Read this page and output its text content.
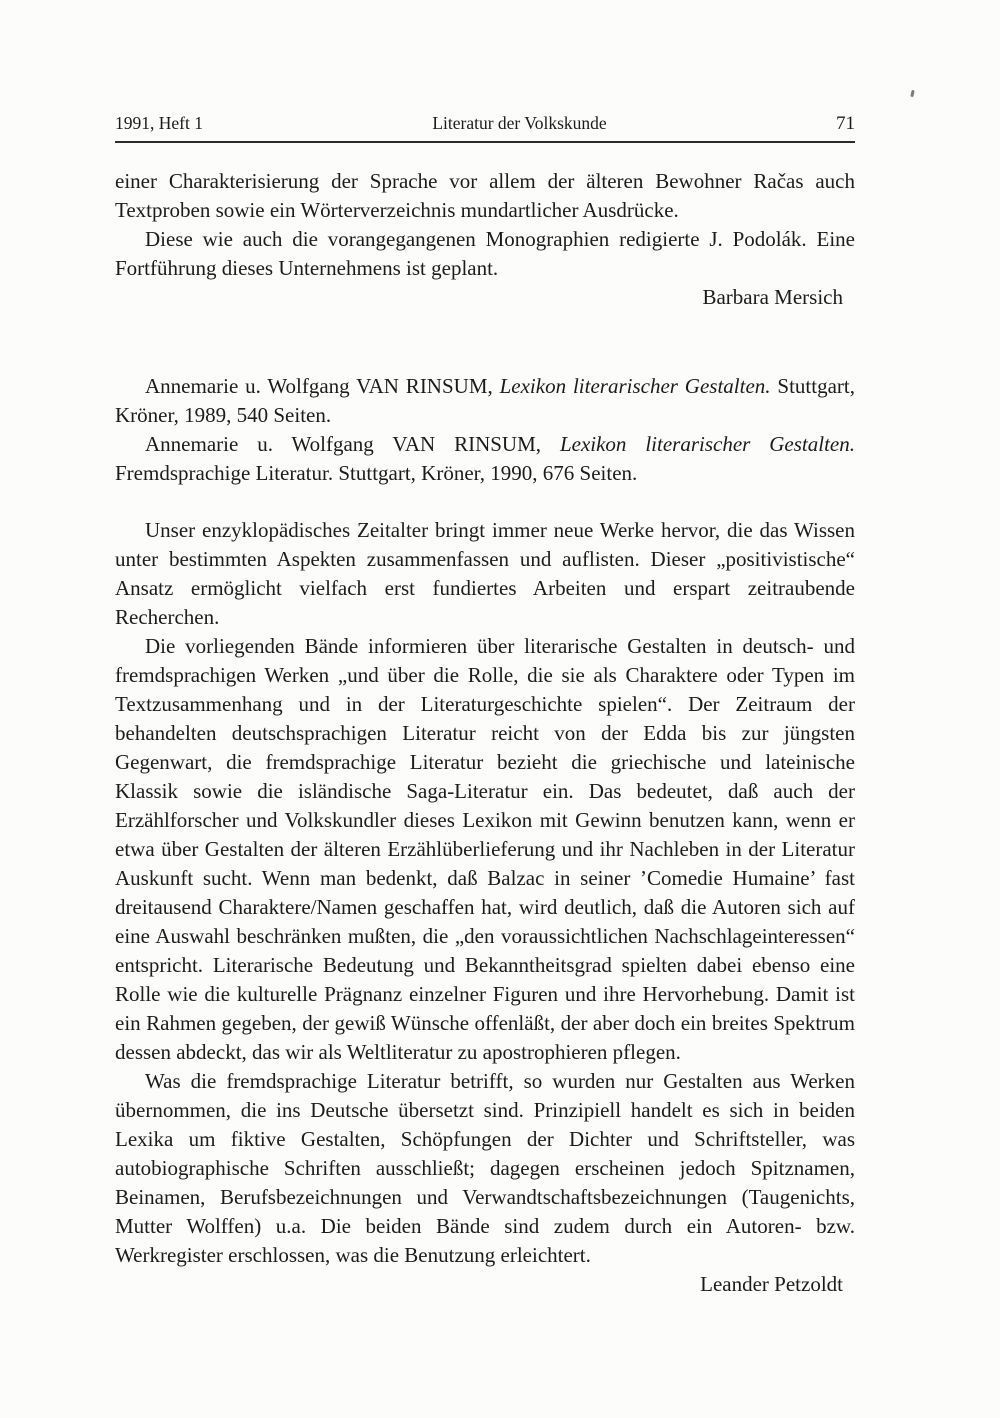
1991, Heft 1	Literatur der Volkskunde	71

einer Charakterisierung der Sprache vor allem der älteren Bewohner Račas auch Textproben sowie ein Wörterverzeichnis mundartlicher Ausdrücke.

Diese wie auch die vorangegangenen Monographien redigierte J. Podolák. Eine Fortführung dieses Unternehmens ist geplant.

Barbara Mersich

Annemarie u. Wolfgang VAN RINSUM, Lexikon literarischer Gestalten. Stuttgart, Kröner, 1989, 540 Seiten.

Annemarie u. Wolfgang VAN RINSUM, Lexikon literarischer Gestalten. Fremdsprachige Literatur. Stuttgart, Kröner, 1990, 676 Seiten.

Unser enzyklopädisches Zeitalter bringt immer neue Werke hervor, die das Wissen unter bestimmten Aspekten zusammenfassen und auflisten. Dieser „positivistische“ Ansatz ermöglicht vielfach erst fundiertes Arbeiten und erspart zeitraubende Recherchen.

Die vorliegenden Bände informieren über literarische Gestalten in deutsch- und fremdsprachigen Werken „und über die Rolle, die sie als Charaktere oder Typen im Textzusammenhang und in der Literaturgeschichte spielen“. Der Zeitraum der behandelten deutschsprachigen Literatur reicht von der Edda bis zur jüngsten Gegenwart, die fremdsprachige Literatur bezieht die griechische und lateinische Klassik sowie die isländische Saga-Literatur ein. Das bedeutet, daß auch der Erzählforscher und Volkskundler dieses Lexikon mit Gewinn benutzen kann, wenn er etwa über Gestalten der älteren Erzählüberlieferung und ihr Nachleben in der Literatur Auskunft sucht. Wenn man bedenkt, daß Balzac in seiner ’Comedie Humaine’ fast dreitausend Charaktere/Namen geschaffen hat, wird deutlich, daß die Autoren sich auf eine Auswahl beschränken mußten, die „den voraussichtlichen Nachschlageinteressen“ entspricht. Literarische Bedeutung und Bekanntheitsgrad spielten dabei ebenso eine Rolle wie die kulturelle Prägnanz einzelner Figuren und ihre Hervorhebung. Damit ist ein Rahmen gegeben, der gewiß Wünsche offenläßt, der aber doch ein breites Spektrum dessen abdeckt, das wir als Weltliteratur zu apostrophieren pflegen.

Was die fremdsprachige Literatur betrifft, so wurden nur Gestalten aus Werken übernommen, die ins Deutsche übersetzt sind. Prinzipiell handelt es sich in beiden Lexika um fiktive Gestalten, Schöpfungen der Dichter und Schriftsteller, was autobiographische Schriften ausschließt; dagegen erscheinen jedoch Spitznamen, Beinamen, Berufsbezeichnungen und Verwandtschaftsbezeichnungen (Taugenichts, Mutter Wolffen) u.a. Die beiden Bände sind zudem durch ein Autoren- bzw. Werkregister erschlossen, was die Benutzung erleichtert.

Leander Petzoldt
